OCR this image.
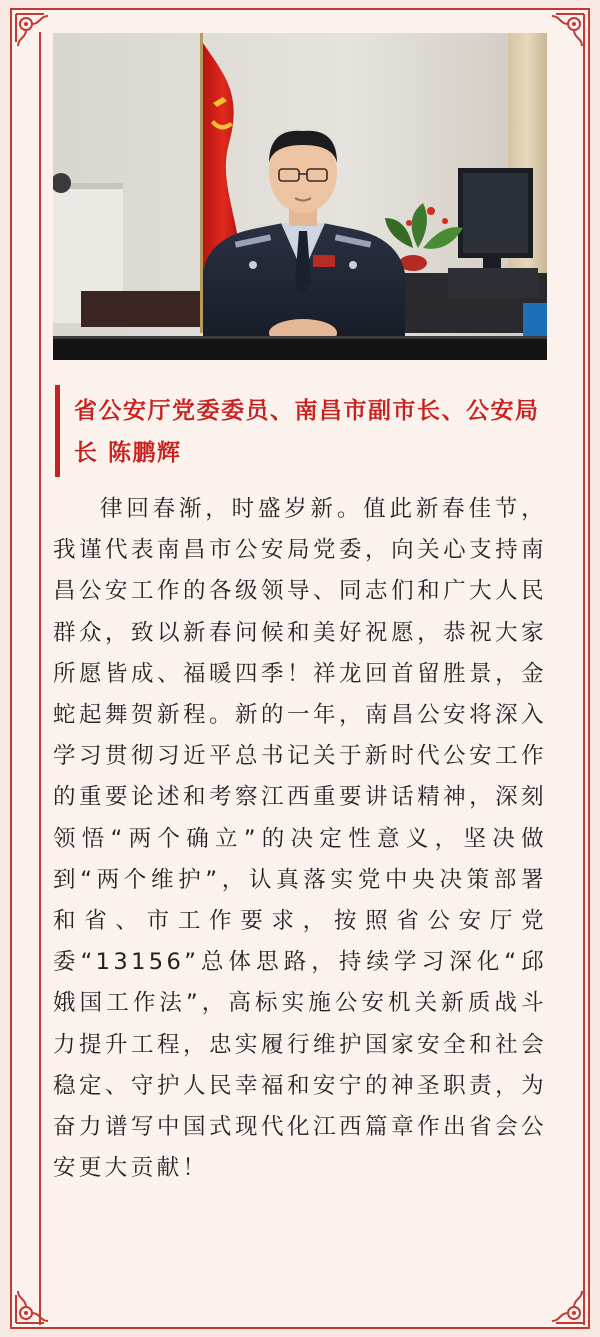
省公安厅党委委员、南昌市副市长、公安局长 陈鹏辉
律回春渐，时盛岁新。值此新春佳节，我谨代表南昌市公安局党委，向关心支持南昌公安工作的各级领导、同志们和广大人民群众，致以新春问候和美好祝愿，恭祝大家所愿皆成、福暖四季！祥龙回首留胜景，金蛇起舞贺新程。新的一年，南昌公安将深入学习贯彻习近平总书记关于新时代公安工作的重要论述和考察江西重要讲话精神，深刻领悟“两个确立”的决定性意义，坚决做到“两个维护”，认真落实党中央决策部署和省、市工作要求，按照省公安厅党委“13156”总体思路，持续学习深化“邱娥国工作法”，高标实施公安机关新质战斗力提升工程，忠实履行维护国家安全和社会稳定、守护人民幸福和安宁的神圣职责，为奋力谱写中国式现代化江西篇章作出省会公安更大贡献！
